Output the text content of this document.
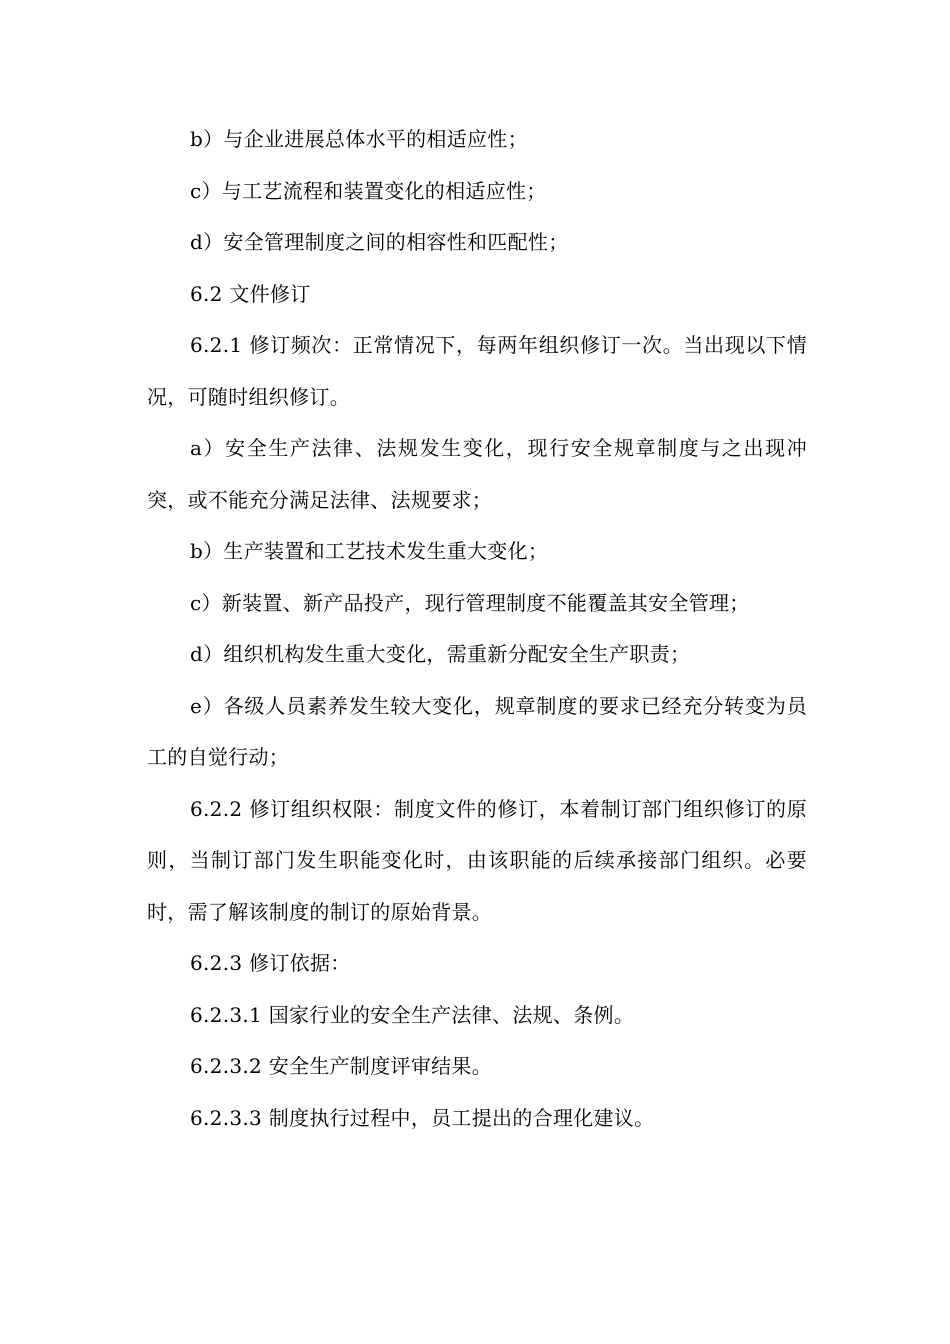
b）与企业进展总体水平的相适应性；

c）与工艺流程和装置变化的相适应性；

d）安全管理制度之间的相容性和匹配性；

6.2 文件修订

6.2.1 修订频次：正常情况下，每两年组织修订一次。当出现以下情况，可随时组织修订。

a）安全生产法律、法规发生变化，现行安全规章制度与之出现冲突，或不能充分满足法律、法规要求；

b）生产装置和工艺技术发生重大变化；

c）新装置、新产品投产，现行管理制度不能覆盖其安全管理；

d）组织机构发生重大变化，需重新分配安全生产职责；

e）各级人员素养发生较大变化，规章制度的要求已经充分转变为员工的自觉行动；

6.2.2 修订组织权限：制度文件的修订，本着制订部门组织修订的原则，当制订部门发生职能变化时，由该职能的后续承接部门组织。必要时，需了解该制度的制订的原始背景。

6.2.3 修订依据：

6.2.3.1 国家行业的安全生产法律、法规、条例。

6.2.3.2 安全生产制度评审结果。

6.2.3.3 制度执行过程中，员工提出的合理化建议。
